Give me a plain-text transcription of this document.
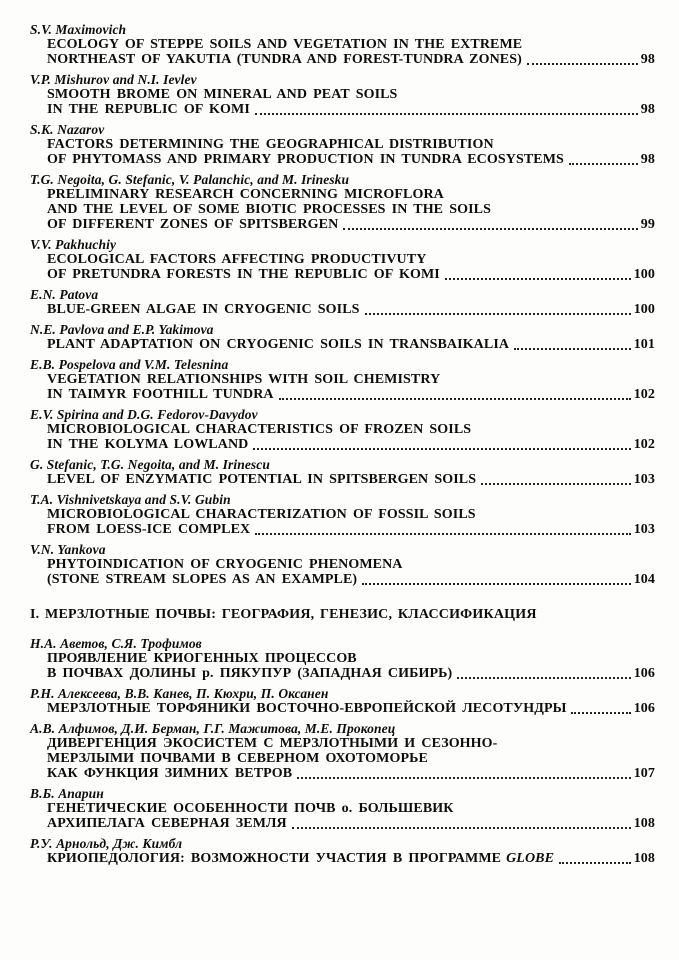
S.V. Maximovich
ECOLOGY OF STEPPE SOILS AND VEGETATION IN THE EXTREME
NORTHEAST OF YAKUTIA (TUNDRA AND FOREST-TUNDRA ZONES)	98
V.P. Mishurov and N.I. Ievlev
SMOOTH BROME ON MINERAL AND PEAT SOILS
IN THE REPUBLIC OF KOMI	98
S.K. Nazarov
FACTORS DETERMINING THE GEOGRAPHICAL DISTRIBUTION
OF PHYTOMASS AND PRIMARY PRODUCTION IN TUNDRA ECOSYSTEMS	98
T.G. Negoita, G. Stefanic, V. Palanchic, and M. Irinesku
PRELIMINARY RESEARCH CONCERNING MICROFLORA
AND THE LEVEL OF SOME BIOTIC PROCESSES IN THE SOILS
OF DIFFERENT ZONES OF SPITSBERGEN	99
V.V. Pakhuchiy
ECOLOGICAL FACTORS AFFECTING PRODUCTIVUTY
OF PRETUNDRA FORESTS IN THE REPUBLIC OF KOMI	100
E.N. Patova
BLUE-GREEN ALGAE IN CRYOGENIC SOILS	100
N.E. Pavlova and E.P. Yakimova
PLANT ADAPTATION ON CRYOGENIC SOILS IN TRANSBAIKALIA	101
E.B. Pospelova and V.M. Telesnina
VEGETATION RELATIONSHIPS WITH SOIL CHEMISTRY
IN TAIMYR FOOTHILL TUNDRA	102
E.V. Spirina and D.G. Fedorov-Davydov
MICROBIOLOGICAL CHARACTERISTICS OF FROZEN SOILS
IN THE KOLYMA LOWLAND	102
G. Stefanic, T.G. Negoita, and M. Irinescu
LEVEL OF ENZYMATIC POTENTIAL IN SPITSBERGEN SOILS	103
T.A. Vishnivetskaya and S.V. Gubin
MICROBIOLOGICAL CHARACTERIZATION OF FOSSIL SOILS
FROM LOESS-ICE COMPLEX	103
V.N. Yankova
PHYTOINDICATION OF CRYOGENIC PHENOMENA
(STONE STREAM SLOPES AS AN EXAMPLE)	104
I. МЕРЗЛОТНЫЕ ПОЧВЫ: ГЕОГРАФИЯ, ГЕНЕЗИС, КЛАССИФИКАЦИЯ
Н.А. Аветов, С.Я. Трофимов
ПРОЯВЛЕНИЕ КРИОГЕННЫХ ПРОЦЕССОВ
В ПОЧВАХ ДОЛИНЫ р. ПЯКУПУР (ЗАПАДНАЯ СИБИРЬ)	106
Р.Н. Алексеева, В.В. Канев, П. Кюхри, П. Оксанен
МЕРЗЛОТНЫЕ ТОРФЯНИКИ ВОСТОЧНО-ЕВРОПЕЙСКОЙ ЛЕСОТУНДРЫ	106
А.В. Алфимов, Д.И. Берман, Г.Г. Мажитова, М.Е. Прокопец
ДИВЕРГЕНЦИЯ ЭКОСИСТЕМ С МЕРЗЛОТНЫМИ И СЕЗОННО-
МЕРЗЛЫМИ ПОЧВАМИ В СЕВЕРНОМ ОХОТОМОРЬЕ
КАК ФУНКЦИЯ ЗИМНИХ ВЕТРОВ	107
В.Б. Апарин
ГЕНЕТИЧЕСКИЕ ОСОБЕННОСТИ ПОЧВ о. БОЛЬШЕВИК
АРХИПЕЛАГА СЕВЕРНАЯ ЗЕМЛЯ	108
Р.У. Арнольд, Дж. Кимбл
КРИОПЕДОЛОГИЯ: ВОЗМОЖНОСТИ УЧАСТИЯ В ПРОГРАММЕ GLOBE	108
